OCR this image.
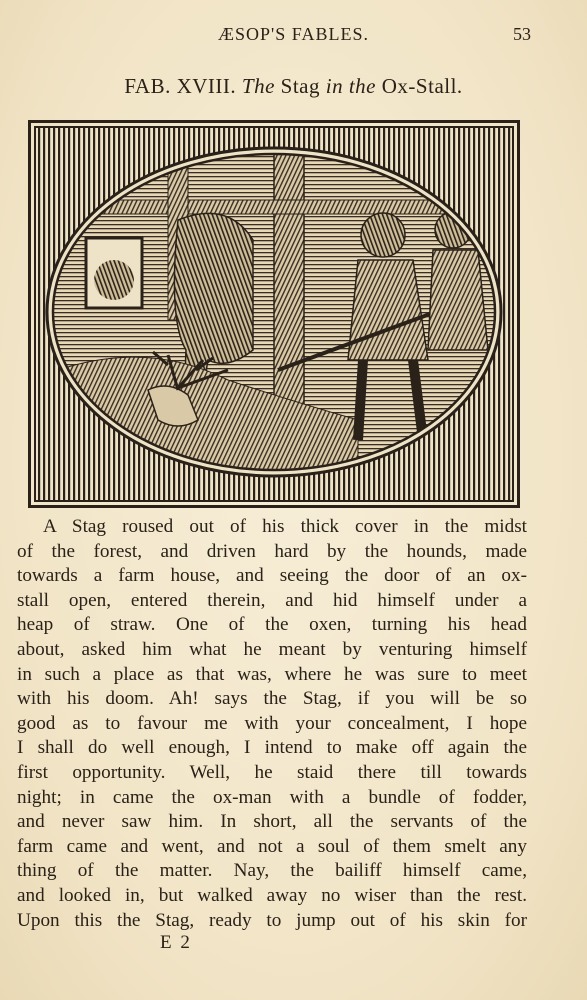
ÆSOP'S FABLES.	53
FAB. XVIII. The Stag in the Ox-Stall.
A Stag roused out of his thick cover in the midst
of the forest, and driven hard by the hounds, made
towards a farm house, and seeing the door of an ox-
stall open, entered therein, and hid himself under a
heap of straw. One of the oxen, turning his head
about, asked him what he meant by venturing himself
in such a place as that was, where he was sure to meet
with his doom. Ah! says the Stag, if you will be so
good as to favour me with your concealment, I hope
I shall do well enough, I intend to make off again the
first opportunity. Well, he staid there till towards
night; in came the ox-man with a bundle of fodder,
and never saw him. In short, all the servants of the
farm came and went, and not a soul of them smelt any
thing of the matter. Nay, the bailiff himself came,
and looked in, but walked away no wiser than the rest.
Upon this the Stag, ready to jump out of his skin for
E 2
